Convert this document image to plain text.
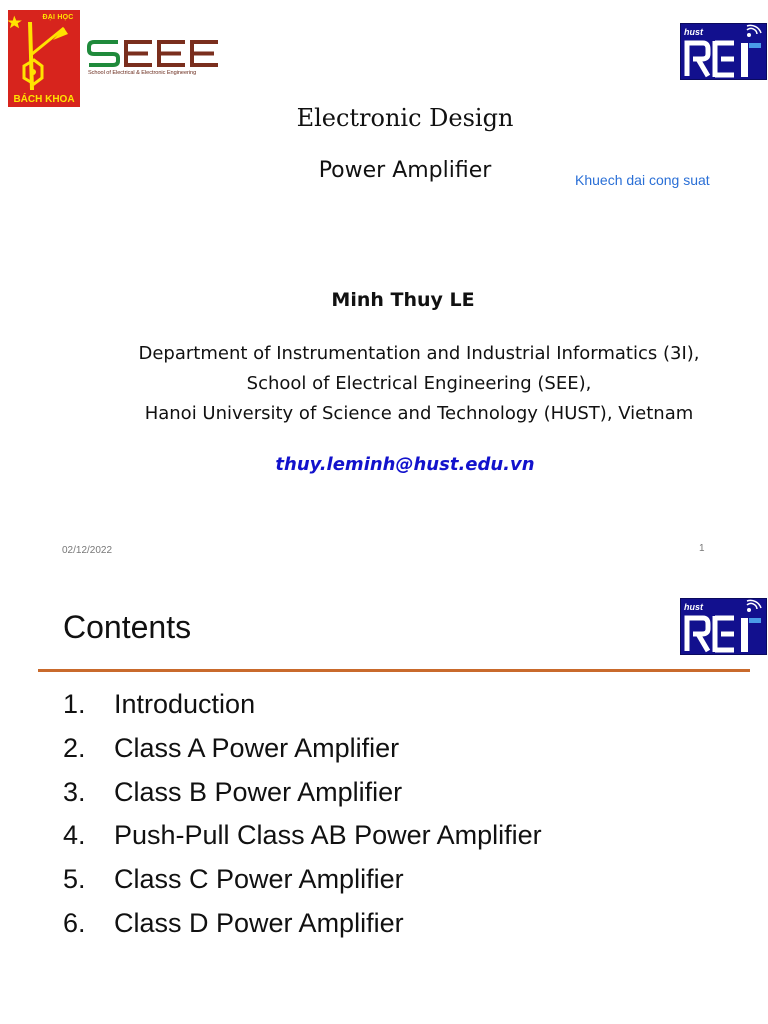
ĐẠI HỌC
BÁCH KHOA
School of Electrical & Electronic Engineering
hust
Electronic Design
Power Amplifier	Khuech dai cong suat
Minh Thuy LE
Department of Instrumentation and Industrial Informatics (3I),
School of Electrical Engineering (SEE),
Hanoi University of Science and Technology (HUST), Vietnam
thuy.leminh@hust.edu.vn
02/12/2022	1
Contents
hust
1. Introduction
2. Class A Power Amplifier
3. Class B Power Amplifier
4. Push-Pull Class AB Power Amplifier
5. Class C Power Amplifier
6. Class D Power Amplifier
